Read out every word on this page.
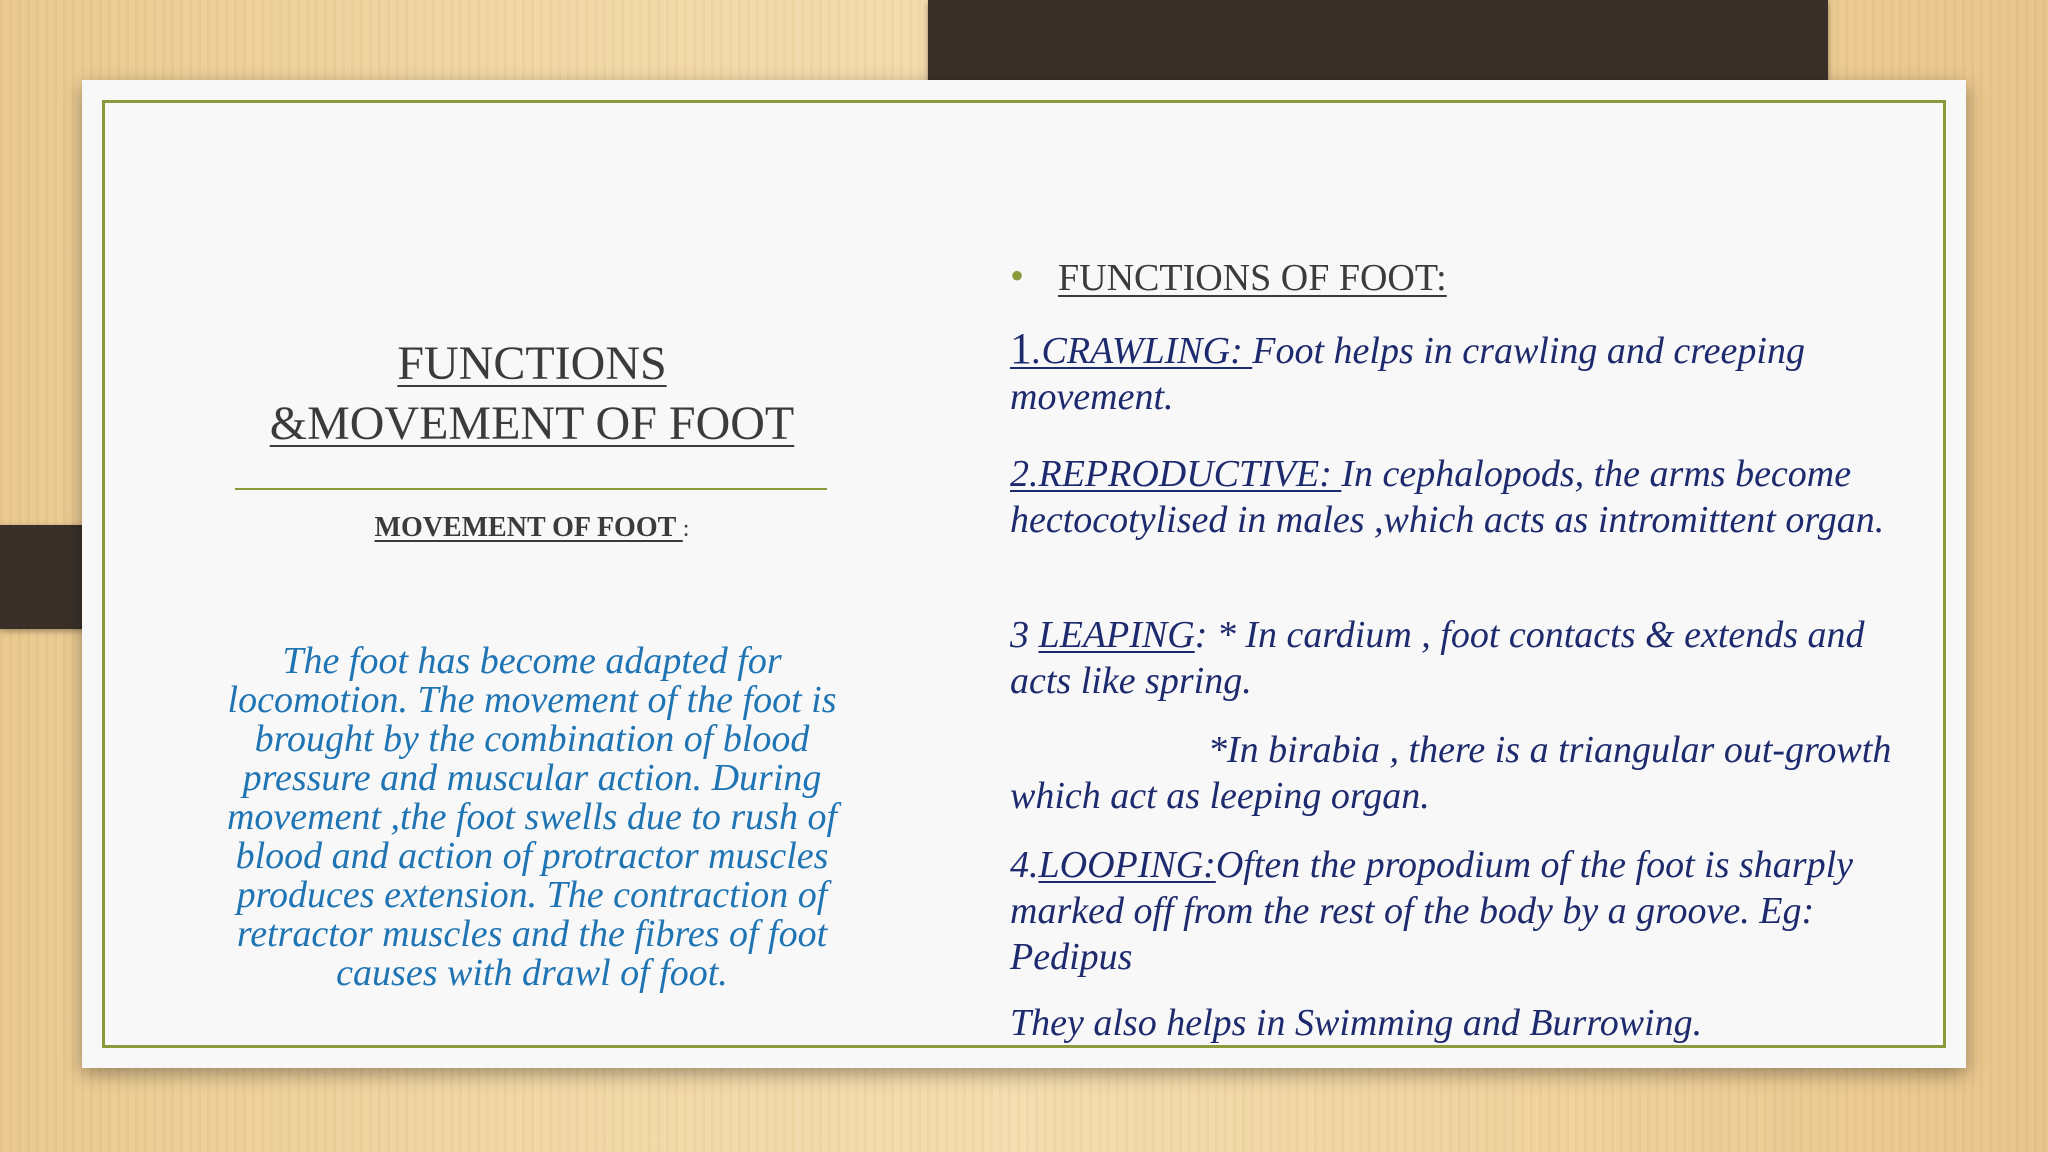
FUNCTIONS
&MOVEMENT OF FOOT
MOVEMENT OF FOOT :
The foot has become adapted for locomotion. The movement of the foot is brought by the combination of blood pressure and muscular action. During movement ,the foot swells due to rush of blood and action of protractor muscles produces extension. The contraction of retractor muscles and the fibres of foot causes with drawl of foot.
• FUNCTIONS OF FOOT:
1.CRAWLING: Foot helps in crawling and creeping movement.
2.REPRODUCTIVE: In cephalopods, the arms become hectocotylised in males ,which acts as intromittent organ.
3 LEAPING: * In cardium , foot contacts & extends and acts like spring.
*In birabia , there is a triangular out-growth which act as leeping organ.
4.LOOPING:Often the propodium of the foot is sharply marked off from the rest of the body by a groove. Eg: Pedipus
They also helps in Swimming and Burrowing.
